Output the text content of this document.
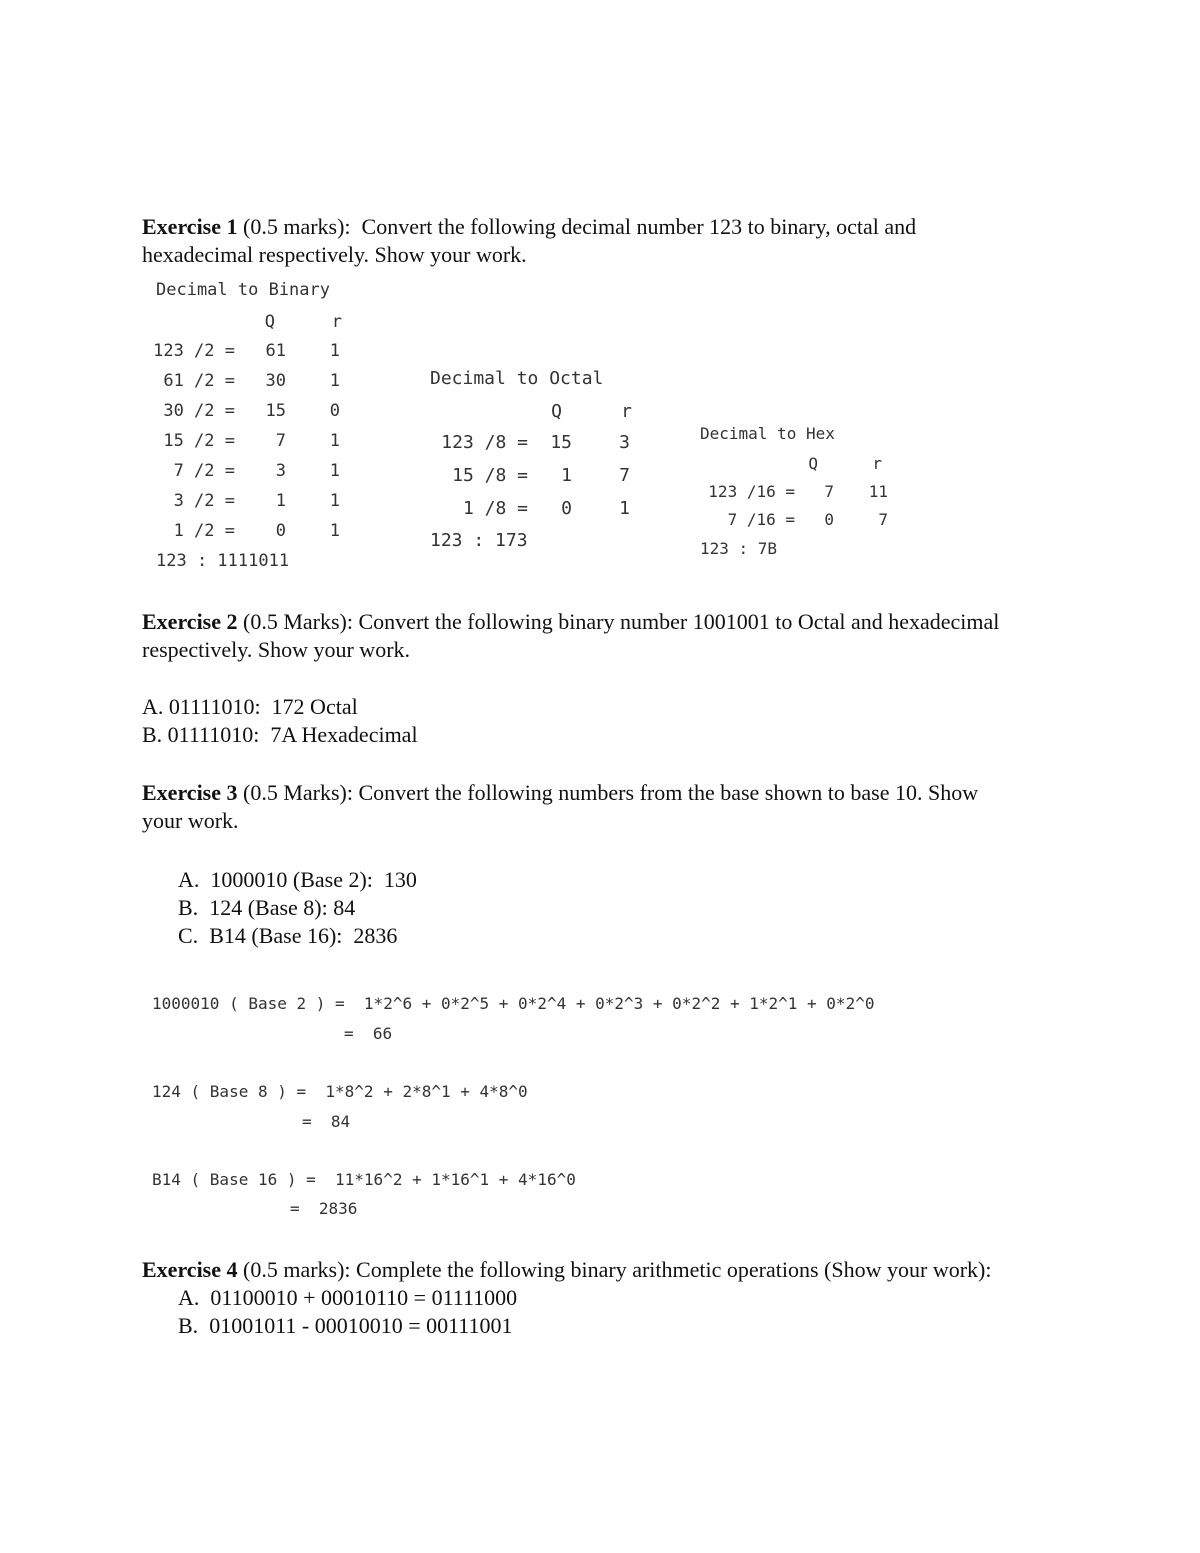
Exercise 1 (0.5 marks): Convert the following decimal number 123 to binary, octal and
hexadecimal respectively. Show your work.
Decimal to Binary
Q	r
123 /2 =	61	1
61 /2 =	30	1
30 /2 =	15	0
15 /2 =	7	1
7 /2 =	3	1
3 /2 =	1	1
1 /2 =	0	1
123 : 1111011
Decimal to Octal
Q	r
123 /8 =	15	3
15 /8 =	1	7
1 /8 =	0	1
123 : 173
Decimal to Hex
Q	r
123 /16 =	7	11
7 /16 =	0	7
123 : 7B
Exercise 2 (0.5 Marks): Convert the following binary number 1001001 to Octal and hexadecimal
respectively. Show your work.
A. 01111010:  172 Octal
B. 01111010:  7A Hexadecimal
Exercise 3 (0.5 Marks): Convert the following numbers from the base shown to base 10. Show
your work.
A. 1000010 (Base 2):  130
B. 124 (Base 8): 84
C. B14 (Base 16):  2836
1000010 ( Base 2 ) =  1*2^6 + 0*2^5 + 0*2^4 + 0*2^3 + 0*2^2 + 1*2^1 + 0*2^0
=  66
124 ( Base 8 ) =  1*8^2 + 2*8^1 + 4*8^0
=  84
B14 ( Base 16 ) =  11*16^2 + 1*16^1 + 4*16^0
=  2836
Exercise 4 (0.5 marks): Complete the following binary arithmetic operations (Show your work):
A. 01100010 + 00010110 = 01111000
B. 01001011 - 00010010 = 00111001
